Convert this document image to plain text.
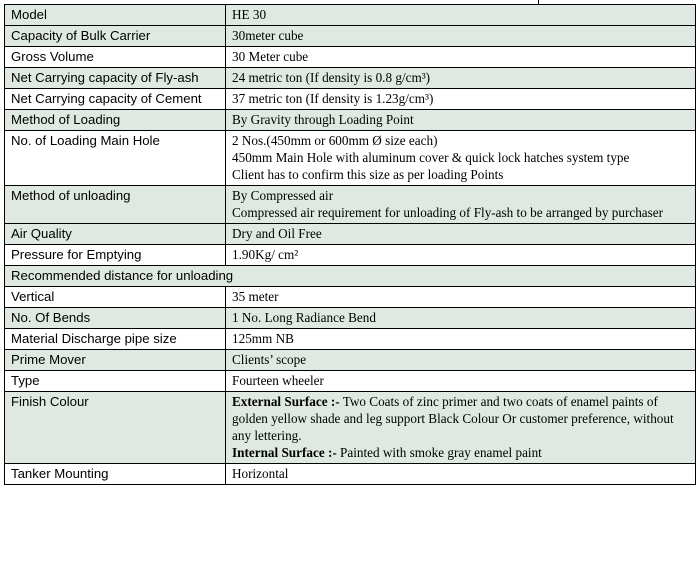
Model	HE 30

Capacity of Bulk Carrier	30meter cube

Gross Volume	30 Meter cube

Net Carrying capacity of Fly-ash	24 metric ton (If density is 0.8 g/cm³)

Net Carrying capacity of Cement	37 metric ton (If density is 1.23g/cm³)

Method of Loading	By Gravity through Loading Point

No. of Loading Main Hole	2 Nos.(450mm or 600mm Ø size each)
450mm Main Hole with aluminum cover & quick lock hatches system type
Client has to confirm this size as per loading Points

Method of unloading	By Compressed air
Compressed air requirement for unloading of Fly-ash to be arranged by purchaser

Air Quality	Dry and Oil Free

Pressure for Emptying	1.90Kg/ cm²

Recommended distance for unloading	
Vertical	35 meter

No. Of Bends	1 No. Long Radiance Bend

Material Discharge pipe size	125mm NB

Prime Mover	Clients’ scope

Type	Fourteen wheeler

Finish Colour	External Surface :- Two Coats of zinc primer and two coats of enamel paints of golden yellow shade and leg support Black Colour Or customer preference, without any lettering.
Internal Surface :- Painted with smoke gray enamel paint
Tanker Mounting	Horizontal
